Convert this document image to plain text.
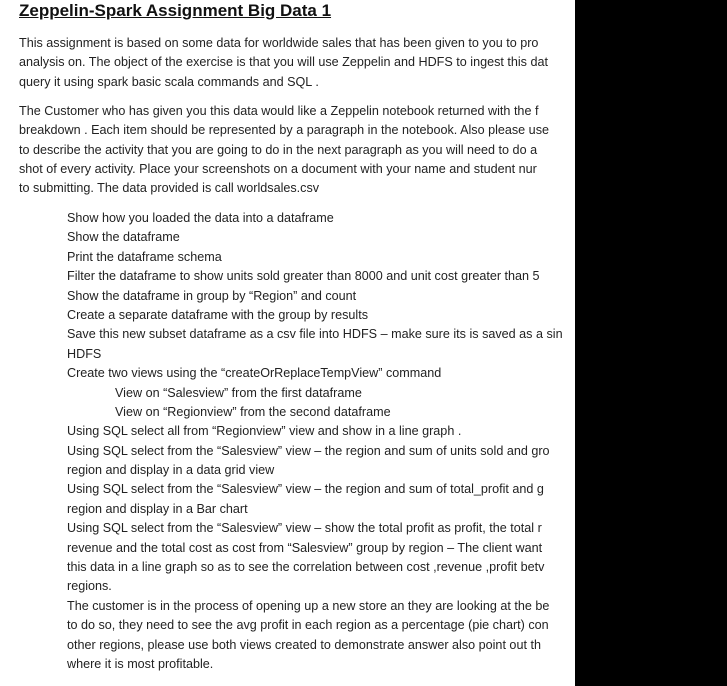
Zeppelin-Spark Assignment Big Data 1
This assignment is based on some data for worldwide sales that has been given to you to pro
analysis on. The object of the exercise is that you will use Zeppelin and HDFS to ingest this dat
query it using spark basic scala commands and SQL .
The Customer who has given you this data would like a Zeppelin notebook returned with the f
breakdown . Each item should be represented by a paragraph in the notebook. Also please use
to describe the activity that you are going to do in the next paragraph as you will need to do a
shot of every activity. Place your screenshots on a document with your name and student nur
to submitting. The data provided is call worldsales.csv
Show how you loaded the data into a dataframe
Show the dataframe
Print the dataframe schema
Filter the dataframe to show units sold greater than 8000 and unit cost greater than 5
Show the dataframe in group by “Region” and count
Create a separate dataframe with the group by results
Save this new subset dataframe as a csv file into HDFS – make sure its is saved as a sin
HDFS
Create two views using the “createOrReplaceTempView” command
View on “Salesview” from the first dataframe
View on “Regionview” from the second dataframe
Using SQL select all from “Regionview” view and show in a line graph .
Using SQL select from the “Salesview” view – the region and sum of units sold and gro
region and display in a data grid view
Using SQL select from the “Salesview” view – the region and sum of total_profit and g
region and display in a Bar chart
Using SQL select from the “Salesview” view – show the total profit as profit, the total r
revenue and the total cost as cost from “Salesview” group by region – The client want
this data in a line graph so as to see the correlation between cost ,revenue ,profit betv
regions.
The customer is in the process of opening up a new store an they are looking at the be
to do so, they need to see the avg profit in each region as a percentage (pie chart) con
other regions, please use both views created to demonstrate answer also point out th
where it is most profitable.
